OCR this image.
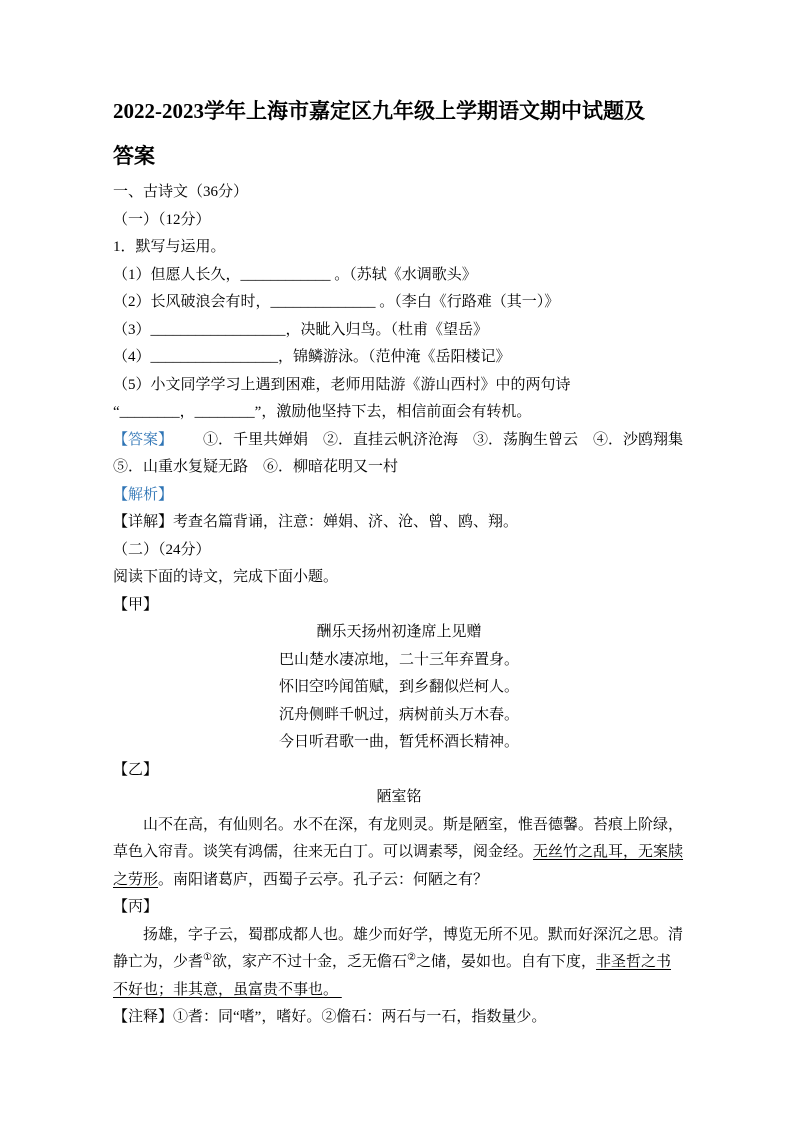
2022-2023学年上海市嘉定区九年级上学期语文期中试题及
答案

一、古诗文（36分）

（一）（12分）

1．默写与运用。

（1）但愿人长久，____________ 。（苏轼《水调歌头》

（2）长风破浪会有时，______________ 。（李白《行路难（其一）》

（3）__________________，决眦入归鸟。（杜甫《望岳》

（4）_________________，锦鳞游泳。（范仲淹《岳阳楼记》

（5）小文同学学习上遇到困难，老师用陆游《游山西村》中的两句诗

“________，________”，激励他坚持下去，相信前面会有转机。

【答案】 ①．千里共婵娟    ②．直挂云帆济沧海    ③．荡胸生曾云    ④．沙鸥翔集    ⑤．山重水复疑无路    ⑥．柳暗花明又一村

【解析】

【详解】考查名篇背诵，注意：婵娟、济、沧、曾、鸥、翔。

（二）（24分）

阅读下面的诗文，完成下面小题。

【甲】

酬乐天扬州初逢席上见赠

巴山楚水凄凉地，二十三年弃置身。

怀旧空吟闻笛赋，到乡翻似烂柯人。

沉舟侧畔千帆过，病树前头万木春。

今日听君歌一曲，暂凭杯酒长精神。

【乙】

陋室铭

山不在高，有仙则名。水不在深，有龙则灵。斯是陋室，惟吾德馨。苔痕上阶绿，草色入帘青。谈笑有鸿儒，往来无白丁。可以调素琴，阅金经。无丝竹之乱耳，无案牍之劳形。南阳诸葛庐，西蜀子云亭。孔子云：何陋之有？

【丙】

扬雄，字子云，蜀郡成都人也。雄少而好学，博览无所不见。默而好深沉之思。清静亡为，少耆①欲，家产不过十金，乏无儋石②之储，晏如也。自有下度，非圣哲之书不好也；非其意，虽富贵不事也。

【注释】①耆：同“嗜”，嗜好。②儋石：两石与一石，指数量少。
